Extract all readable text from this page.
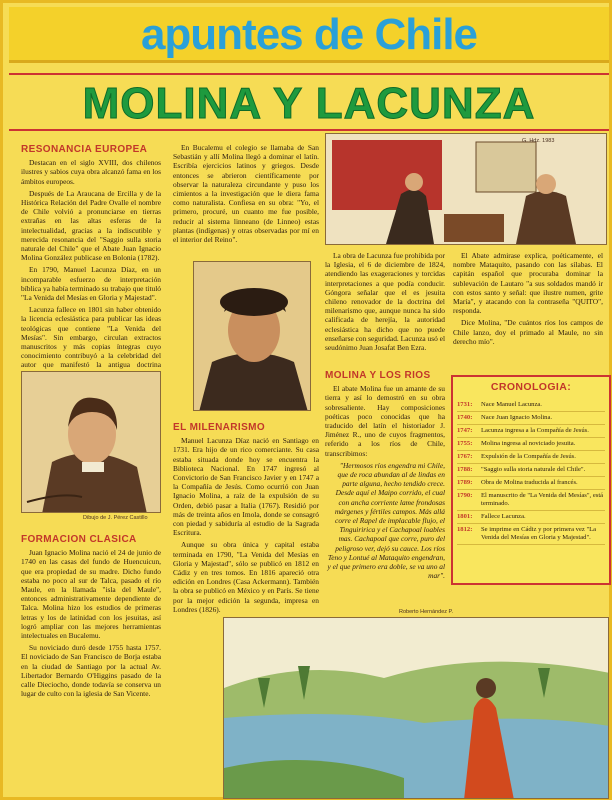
apuntes de Chile
MOLINA Y LACUNZA
RESONANCIA EUROPEA

Destacan en el siglo XVIII, dos chilenos ilustres y sabios cuya obra alcanzó fama en los ámbitos europeos.

Después de La Araucana de Ercilla y de la Histórica Relación del Padre Ovalle el nombre de Chile volvió a pronunciarse en tierras extrañas en las altas esferas de la intelectualidad, gracias a la indiscutible y merecida resonancia del "Saggio sulla storia naturale del Chile" que el Abate Juan Ignacio Molina González publicase en Bolonia (1782).

En 1790, Manuel Lacunza Díaz, en un incomparable esfuerzo de interpretación bíblica ya había terminado su trabajo que tituló "La Venida del Mesías en Gloria y Majestad".

Lacunza fallece en 1801 sin haber obtenido la licencia eclesiástica para publicar las ideas teológicas que contiene "La Venida del Mesías". Sin embargo, circulan extractos manuscritos y más copias íntegras cuyo conocimiento contribuyó a la celebridad del autor que manifestó la antigua doctrina

Dibujo de J. Pérez Castillo
FORMACION CLASICA

Juan Ignacio Molina nació el 24 de junio de 1740 en las casas del fundo de Huencuicun, que era propiedad de su madre. Dicho fundo estaba no poco al sur de Talca, pasado el río Maule, en la llamada "isla del Maule", entonces administrativamente dependiente de Talca. Molina hizo los estudios de primeras letras y los de latinidad con los jesuitas, así logró ampliar con las mejores herramientas intelectuales en Bucalemu.

Su noviciado duró desde 1755 hasta 1757. El noviciado de San Francisco de Borja estaba en la ciudad de Santiago por la actual Av. Libertador Bernardo O'Higgins pasado de la calle Dieciocho, donde todavía se conserva un lugar de culto con la iglesia de San Vicente.

En Bucalemu el colegio se llamaba de San Sebastián y allí Molina llegó a dominar el latín. Escribía ejercicios latinos y griegos. Desde entonces se abrieron científicamente por observar la naturaleza circundante y puso los cimientos a la investigación que le diera fama como naturalista. Confiesa en su obra: "Yo, el primero, procuré, un cuanto me fue posible, reducir al sistema linneano (de Linneo) estas plantas (indígenas) y otras observadas por mí en el interior del Reino".

EL MILENARISMO

Manuel Lacunza Díaz nació en Santiago en 1731. Era hijo de un rico comerciante. Su casa estaba situada donde hoy se encuentra la Biblioteca Nacional. En 1747 ingresó al Convictorio de San Francisco Javier y en 1747 a la Compañía de Jesús. Como ocurrió con Juan Ignacio Molina, a raíz de la expulsión de su Orden, debió pasar a Italia (1767). Residió por más de treinta años en Imola, donde se consagró con piedad y sabiduría al estudio de la Sagrada Escritura.

Aunque su obra única y capital estaba terminada en 1790, "La Venida del Mesías en Gloria y Majestad", sólo se publicó en 1812 en Cádiz y en tres tomos. En 1816 apareció otra edición en Londres (Casa Ackermann). También la obra se publicó en México y en París. Se tiene por la mejor edición la segunda, impresa en Londres (1826).

G. Hdz. 1983

La obra de Lacunza fue prohibida por la Iglesia, el 6 de diciembre de 1824, atendiendo las exageraciones y torcidas interpretaciones a que podía conducir. Góngora señalar que el es jesuita chileno renovador de la doctrina del milenarismo que, aunque nunca ha sido calificada de herejía, la autoridad eclesiástica ha dicho que no puede enseñarse con seguridad. Lacunza usó el seudónimo Juan Josafat Ben Ezra.

El Abate admirase explica, poéticamente, el nombre Mataquito, pasando con las sílabas. El capitán español que procuraba dominar la sublevación de Lautaro "a sus soldados mandó ir con estos santo y señal: que ilustre numen, grite María", y atacando con la contraseña "QUITO", responda.

Dice Molina, "De cuántos ríos los campos de Chile lanzo, doy el primado al Maule, no sin derecho mío".

MOLINA Y LOS RIOS

El abate Molina fue un amante de su tierra y así lo demostró en su obra sobresaliente. Hay composiciones poéticas poco conocidas que ha traducido del latín el historiador J. Jiménez R., uno de cuyos fragmentos, referido a los ríos de Chile, transcribimos:

"Hermosos ríos engendra mi Chile, que de roca abundan al de lindas en parte alguna, hecho tendido crece. Desde aquí el Maipo corrido, el cual con ancha corriente lame frondosas márgenes y fértiles campos. Más allá corre el Rapel de implacable flujo, el Tinguiririca y el Cachapoal loables mas. Cachapoal que corre, puro del peligroso ver, dejó su cauce. Los ríos Teno y Lontué al Mataquito engendran, y el que primero era doble, se va uno al mar".

CRONOLOGIA:
1731:	Nace Manuel Lacunza.
1740:	Nace Juan Ignacio Molina.
1747:	Lacunza ingresa a la Compañía de Jesús.
1755:	Molina ingresa al noviciado jesuita.
1767:	Expulsión de la Compañía de Jesús.
1788:	"Saggio sulla storia naturale del Chile".
1789:	Obra de Molina traducida al francés.
1790:	El manuscrito de "La Venida del Mesías", está terminado.
1801:	Fallece Lacunza.
1812:	Se imprime en Cádiz y por primera vez "La Venida del Mesías en Gloria y Majestad".
Roberto Hernández P.
